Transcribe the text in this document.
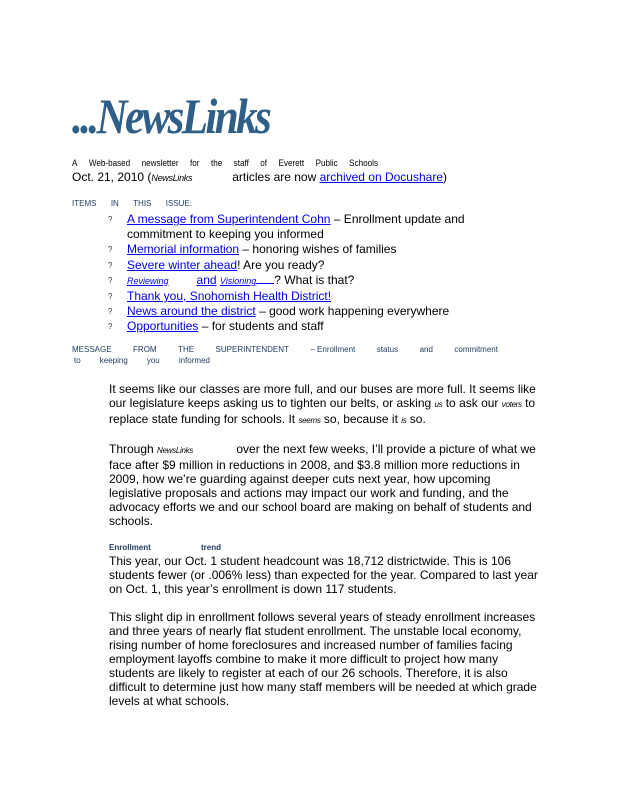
...NewsLinks
A Web-based newsletter for the staff of Everett Public Schools
Oct. 21, 2010 (NewsLinks	articles are now archived on Docushare)
ITEMS IN THIS ISSUE:
? A message from Superintendent Cohn – Enrollment update and commitment to keeping you informed
? Memorial information – honoring wishes of families
? Severe winter ahead! Are you ready?
? Reviewing and Visioning ? What is that?
? Thank you, Snohomish Health District!
? News around the district – good work happening everywhere
? Opportunities – for students and staff
MESSAGE	FROM	THE	SUPERINTENDENT	– Enrollment	status	and	commitment
to keeping you informed

It seems like our classes are more full, and our buses are more full. It seems like our legislature keeps asking us to tighten our belts, or asking us to ask our voters to replace state funding for schools. It seems so, because it is so.

Through NewsLinks	over the next few weeks, I’ll provide a picture of what we face after $9 million in reductions in 2008, and $3.8 million more reductions in 2009, how we’re guarding against deeper cuts next year, how upcoming legislative proposals and actions may impact our work and funding, and the advocacy efforts we and our school board are making on behalf of students and schools.

Enrollment	trend

This year, our Oct. 1 student headcount was 18,712 districtwide. This is 106 students fewer (or .006% less) than expected for the year. Compared to last year on Oct. 1, this year’s enrollment is down 117 students.

This slight dip in enrollment follows several years of steady enrollment increases and three years of nearly flat student enrollment. The unstable local economy, rising number of home foreclosures and increased number of families facing employment layoffs combine to make it more difficult to project how many students are likely to register at each of our 26 schools. Therefore, it is also difficult to determine just how many staff members will be needed at which grade levels at what schools.
